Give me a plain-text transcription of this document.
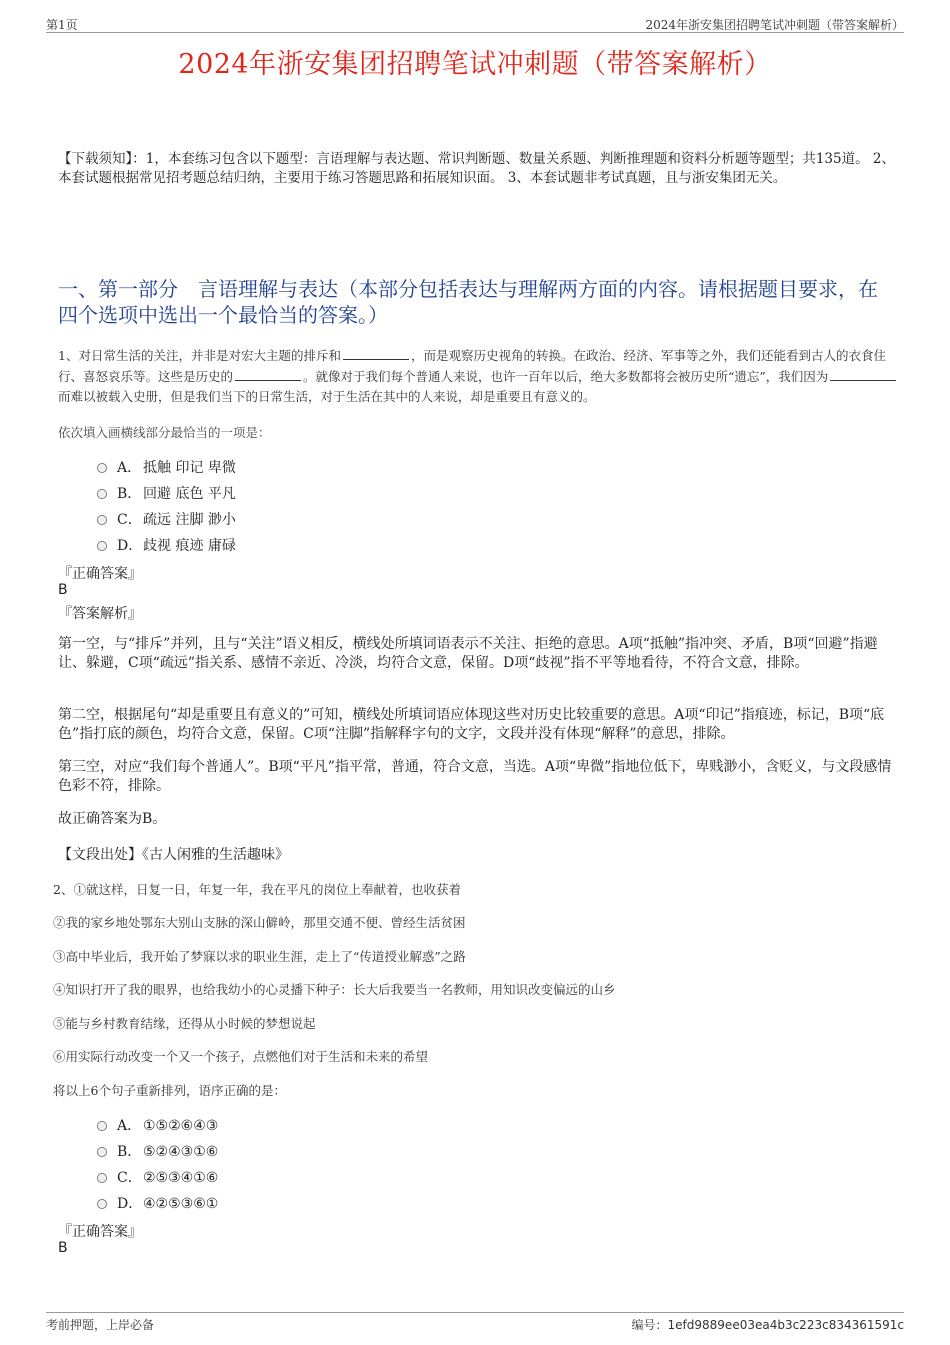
第1页	2024年浙安集团招聘笔试冲刺题（带答案解析）
2024年浙安集团招聘笔试冲刺题（带答案解析）
【下载须知】：1，本套练习包含以下题型：言语理解与表达题、常识判断题、数量关系题、判断推理题和资料分析题等题型；共135道。 2、本套试题根据常见招考题总结归纳，主要用于练习答题思路和拓展知识面。 3、本套试题非考试真题，且与浙安集团无关。
一、第一部分　言语理解与表达（本部分包括表达与理解两方面的内容。请根据题目要求，在四个选项中选出一个最恰当的答案。）
1、对日常生活的关注，并非是对宏大主题的排斥和	，而是观察历史视角的转换。在政治、经济、军事等之外，我们还能看到古人的衣食住行、喜怒哀乐等。这些是历史的	。就像对于我们每个普通人来说，也许一百年以后，绝大多数都将会被历史所“遗忘”，我们因为而难以被载入史册，但是我们当下的日常生活，对于生活在其中的人来说，却是重要且有意义的。
依次填入画横线部分最恰当的一项是：
A． 抵触 印记 卑微
B． 回避 底色 平凡
C．疏远 注脚 渺小
D．歧视 痕迹 庸碌
『正确答案』
B
『答案解析』
第一空，与“排斥”并列，且与“关注”语义相反，横线处所填词语表示不关注、拒绝的意思。A项“抵触”指冲突、矛盾，B项“回避”指避让、躲避，C项“疏远”指关系、感情不亲近、冷淡，均符合文意，保留。D项“歧视”指不平等地看待，不符合文意，排除。
第二空，根据尾句“却是重要且有意义的”可知，横线处所填词语应体现这些对历史比较重要的意思。A项“印记”指痕迹，标记，B项“底色”指打底的颜色，均符合文意，保留。C项“注脚”指解释字句的文字，文段并没有体现“解释”的意思，排除。
第三空，对应“我们每个普通人”。B项“平凡”指平常，普通，符合文意，当选。A项“卑微”指地位低下，卑贱渺小，含贬义，与文段感情色彩不符，排除。
故正确答案为B。
【文段出处】《古人闲雅的生活趣味》
2、①就这样，日复一日，年复一年，我在平凡的岗位上奉献着，也收获着
②我的家乡地处鄂东大别山支脉的深山僻岭，那里交通不便、曾经生活贫困
③高中毕业后，我开始了梦寐以求的职业生涯，走上了“传道授业解惑”之路
④知识打开了我的眼界，也给我幼小的心灵播下种子：长大后我要当一名教师，用知识改变偏远的山乡
⑤能与乡村教育结缘，还得从小时候的梦想说起
⑥用实际行动改变一个又一个孩子，点燃他们对于生活和未来的希望
将以上6个句子重新排列，语序正确的是：
A． ①⑤②⑥④③
B． ⑤②④③①⑥
C．②⑤③④①⑥
D．④②⑤③⑥①
『正确答案』
B
考前押题，上岸必备	编号：1efd9889ee03ea4b3c223c834361591c
